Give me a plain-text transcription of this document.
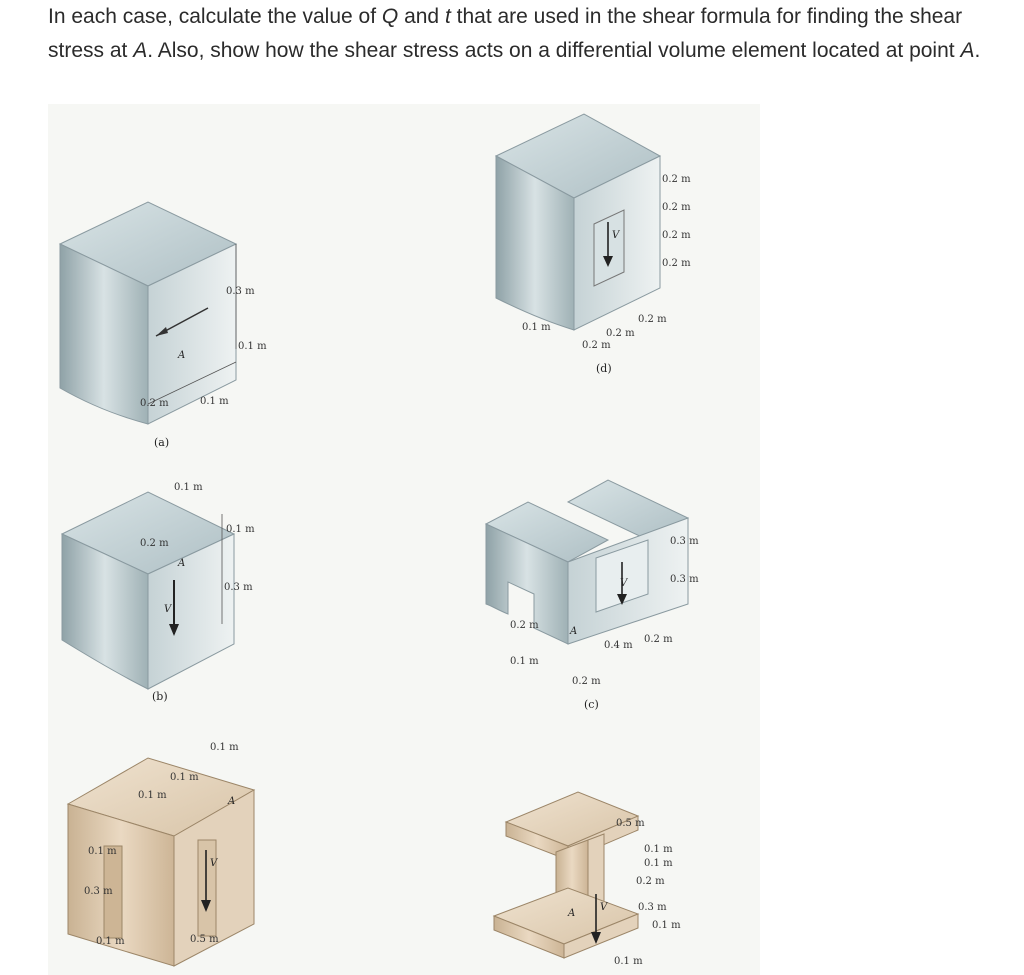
In each case, calculate the value of Q and t that are used in the shear formula for finding the shear stress at A. Also, show how the shear stress acts on a differential volume element located at point A.
0.3 m
0.1 m
0.1 m
0.2 m
A
(a)
0.1 m
0.2 m
0.1 m
0.3 m
A
V
(b)
0.2 m
0.2 m
0.2 m
0.2 m
0.2 m
0.2 m
0.1 m
0.2 m
V
(d)
0.3 m
0.3 m
0.2 m
0.4 m
0.2 m
0.1 m
0.2 m
A
V
(c)
0.1 m
0.1 m
0.1 m
0.1 m
0.3 m
0.1 m	0.5 m
A
V
0.5 m
0.1 m
0.1 m
0.2 m
0.3 m
0.1 m
0.1 m
A
V
